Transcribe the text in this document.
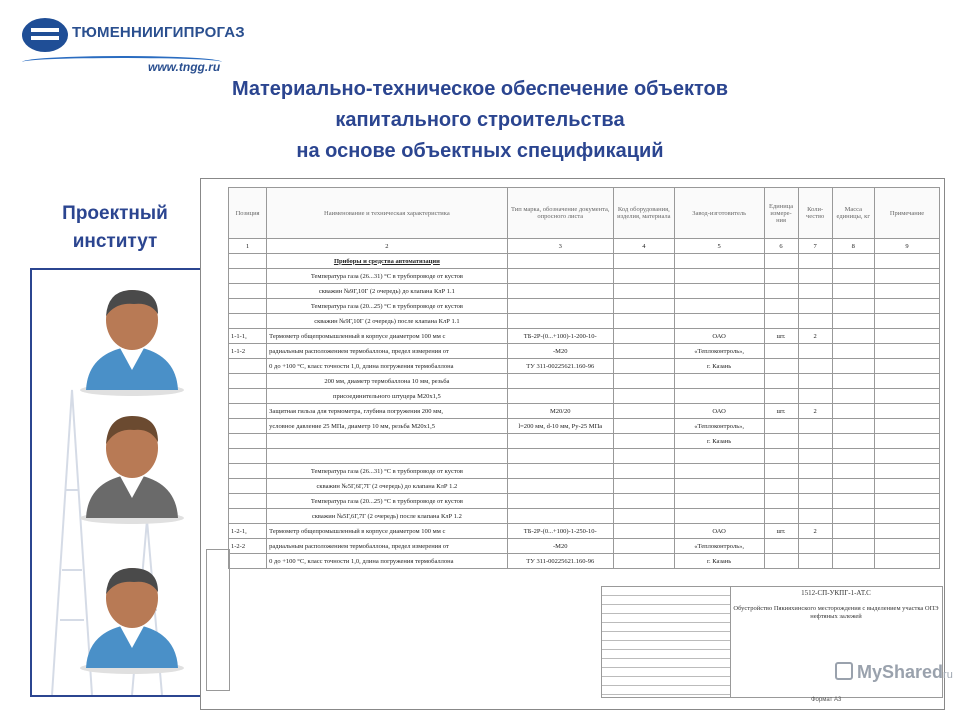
ТЮМЕННИИГИПРОГАЗ
www.tngg.ru
Материально-техническое обеспечение объектов
капитального строительства
на основе объектных спецификаций
Проектный
институт
Позиция	Наименование и техническая характеристика	Тип марка, обозначение документа, опросного листа	Код оборудования, изделия, материала	Завод-изготовитель	Единица измере-ния	Коли-чество	Масса единицы, кг	Примечание
1	2	3	4	5	6	7	8	9
	Приборы и средства автоматизации							
	Температура газа (26...31) °С в трубопроводе от кустов							
	скважин №9Г,10Г (2 очередь) до клапана КлР 1.1							
	Температура газа (20...25) °С в трубопроводе от кустов							
	скважин №9Г,10Г (2 очередь) после клапана КлР 1.1							
1-1-1,	Термометр общепромышленный в корпусе диаметром 100 мм с	ТБ-2Р-(0...+100)-1-200-10-		ОАО	шт.	2		
1-1-2	радиальным расположением термобаллона, предел измерения от	-М20		«Теплоконтроль»,				
	0 до +100 °С, класс точности 1,0, длина погружения термобаллона	ТУ 311-00225621.160-96		г. Казань				
	200 мм, диаметр термобаллона 10 мм, резьба							
	присоединительного штуцера М20х1,5							
	Защитная гильза для термометра, глубина погружения 200 мм,	М20/20		ОАО	шт.	2		
	условное давление 25 МПа, диаметр 10 мм, резьба М20х1,5	l=200 мм, d-10 мм, Ру-25 МПа		«Теплоконтроль»,				
				г. Казань				

	Температура газа (26...31) °С в трубопроводе от кустов							
	скважин №5Г,6Г,7Г (2 очередь) до клапана КлР 1.2							
	Температура газа (20...25) °С в трубопроводе от кустов							
	скважин №5Г,6Г,7Г (2 очередь) после клапана КлР 1.2							
1-2-1,	Термометр общепромышленный в корпусе диаметром 100 мм с	ТБ-2Р-(0...+100)-1-250-10-		ОАО	шт.	2		
1-2-2	радиальным расположением термобаллона, предел измерения от	-М20		«Теплоконтроль»,				
	0 до +100 °С, класс точности 1,0, длина погружения термобаллона	ТУ 311-00225621.160-96		г. Казань				
1512-СП-УКПГ-1-АТ.С
Обустройство Пякияхинского месторождения с выделением участка ОПЭ нефтяных залежей
Формат А3
MySharedru
